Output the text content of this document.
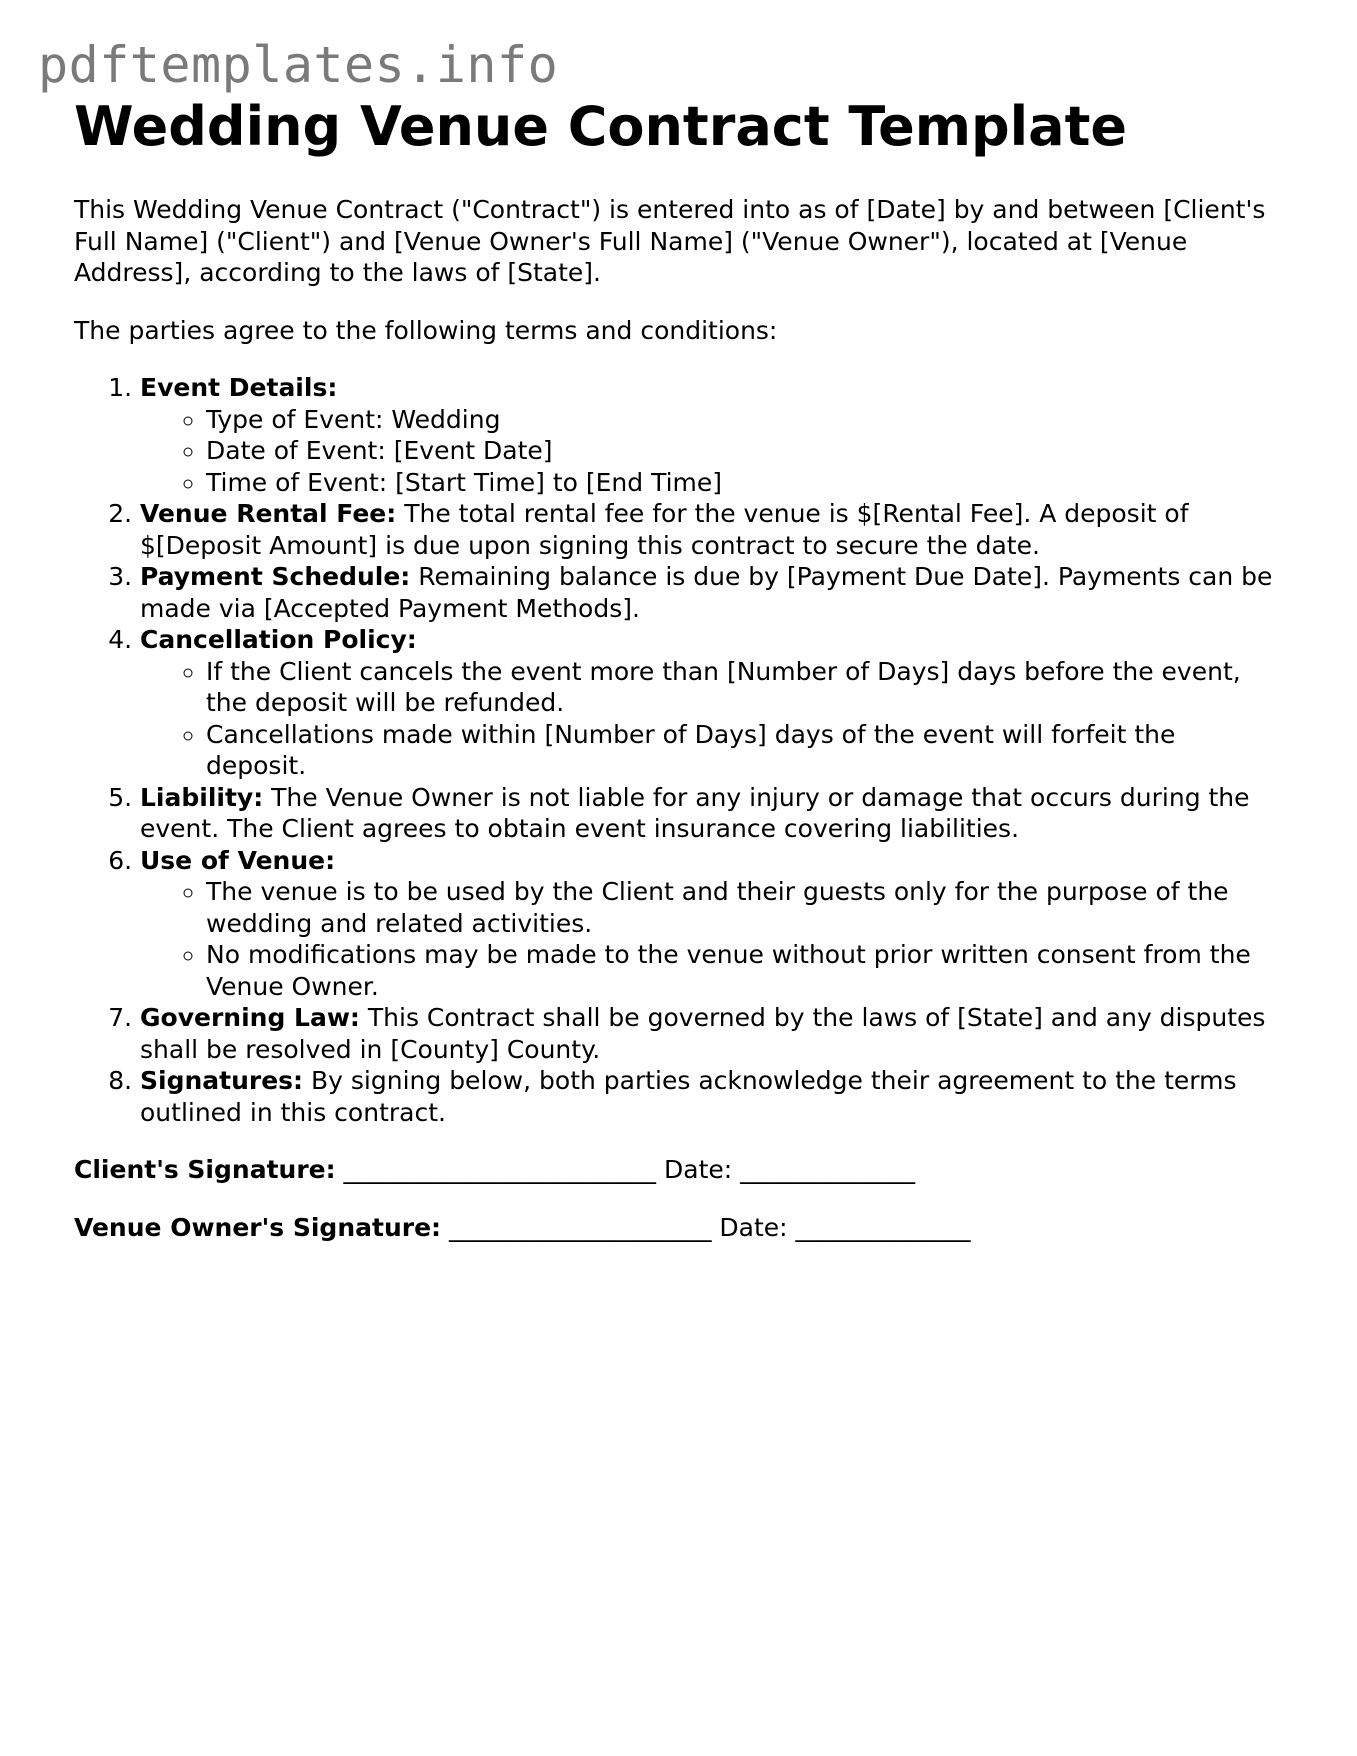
pdftemplates.info
Wedding Venue Contract Template

This Wedding Venue Contract ("Contract") is entered into as of [Date] by and between [Client's Full Name] ("Client") and [Venue Owner's Full Name] ("Venue Owner"), located at [Venue Address], according to the laws of [State].

The parties agree to the following terms and conditions:

1. Event Details:
◦ Type of Event: Wedding
◦ Date of Event: [Event Date]
◦ Time of Event: [Start Time] to [End Time]
2. Venue Rental Fee: The total rental fee for the venue is $[Rental Fee]. A deposit of $[Deposit Amount] is due upon signing this contract to secure the date.
3. Payment Schedule: Remaining balance is due by [Payment Due Date]. Payments can be made via [Accepted Payment Methods].
4. Cancellation Policy:
◦ If the Client cancels the event more than [Number of Days] days before the event, the deposit will be refunded.
◦ Cancellations made within [Number of Days] days of the event will forfeit the deposit.
5. Liability: The Venue Owner is not liable for any injury or damage that occurs during the event. The Client agrees to obtain event insurance covering liabilities.
6. Use of Venue:
◦ The venue is to be used by the Client and their guests only for the purpose of the wedding and related activities.
◦ No modifications may be made to the venue without prior written consent from the Venue Owner.
7. Governing Law: This Contract shall be governed by the laws of [State] and any disputes shall be resolved in [County] County.
8. Signatures: By signing below, both parties acknowledge their agreement to the terms outlined in this contract.

Client's Signature: _________________________ Date: ______________

Venue Owner's Signature: _____________________ Date: ______________
